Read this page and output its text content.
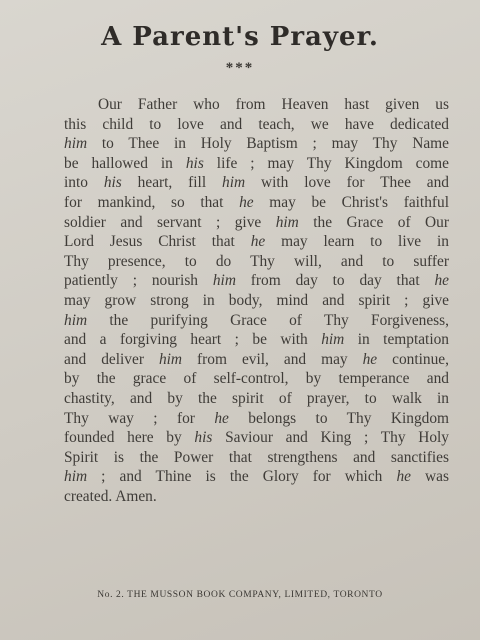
A Parent's Prayer.
***
Our Father who from Heaven hast given us
this child to love and teach, we have dedicated
him to Thee in Holy Baptism ; may Thy Name
be hallowed in his life ; may Thy Kingdom come
into his heart, fill him with love for Thee and
for mankind, so that he may be Christ's faithful
soldier and servant ; give him the Grace of Our
Lord Jesus Christ that he may learn to live in
Thy presence, to do Thy will, and to suffer
patiently ; nourish him from day to day that he
may grow strong in body, mind and spirit ; give
him the purifying Grace of Thy Forgiveness,
and a forgiving heart ; be with him in temptation
and deliver him from evil, and may he continue,
by the grace of self-control, by temperance and
chastity, and by the spirit of prayer, to walk in
Thy way ; for he belongs to Thy Kingdom
founded here by his Saviour and King ; Thy Holy
Spirit is the Power that strengthens and sanctifies
him ; and Thine is the Glory for which he was
created. Amen.
No. 2. THE MUSSON BOOK COMPANY, LIMITED, TORONTO
